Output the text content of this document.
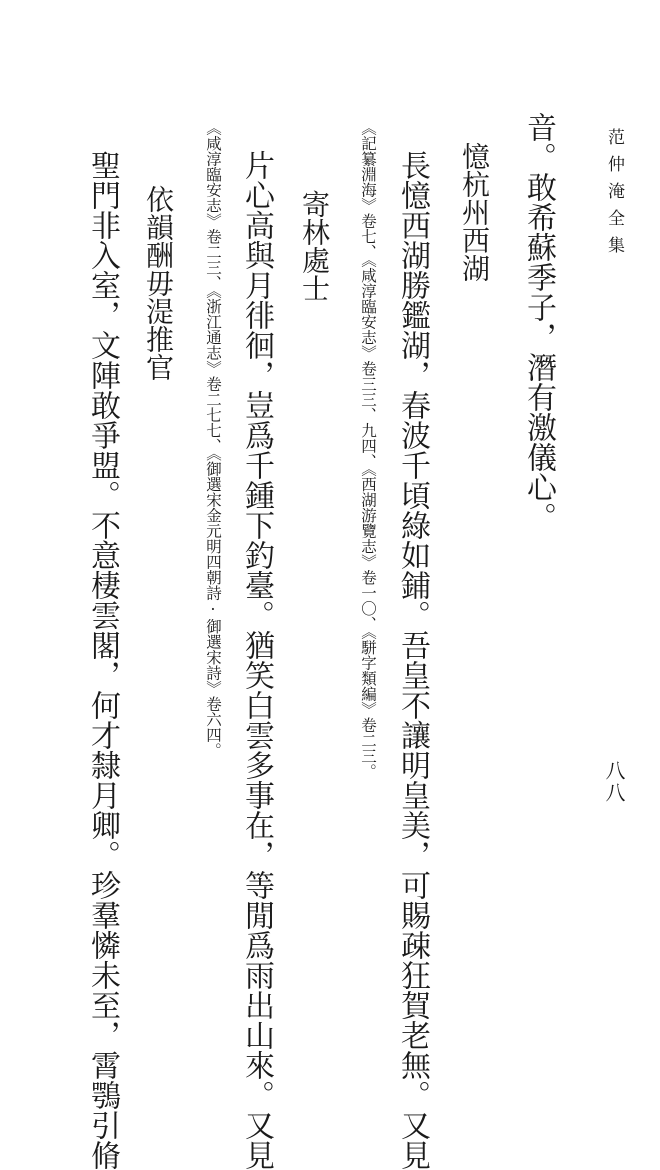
范仲淹全集
八八
音。敢希蘇季子，潛有激儀心。
憶杭州西湖
長憶西湖勝鑑湖，春波千頃綠如鋪。吾皇不讓明皇美，可賜疎狂賀老無。又見
《記纂淵海》卷七、《咸淳臨安志》卷三三、九四、《西湖游覽志》卷一〇、《駢字類編》卷二三。
寄林處士
片心高與月徘徊，豈爲千鍾下釣臺。猶笑白雲多事在，等閒爲雨出山來。又見
《咸淳臨安志》卷二三、《浙江通志》卷二七七、《御選宋金元明四朝詩·御選宋詩》卷六四。
依韻酬毋湜推官
聖門非入室，文陣敢爭盟。不意棲雲閣，何才隸月卿。珍羣憐未至，霄鶚引脩
